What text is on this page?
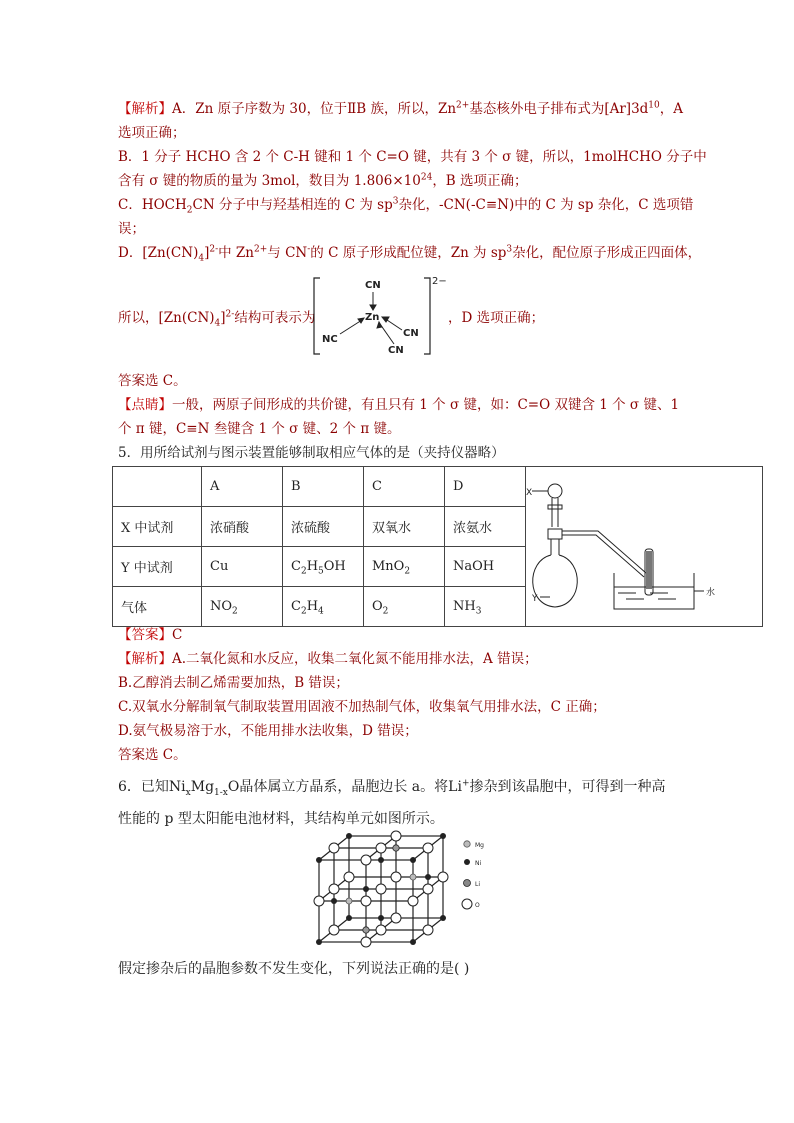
【解析】A．Zn 原子序数为 30，位于ⅡB 族，所以，$Zn^{2+}$基态核外电子排布式为$[Ar]3d^{10}$，A
选项正确；
B．1 分子 HCHO 含 2 个 C-H 键和 1 个 C=O 键，共有 3 个 σ 键，所以，1molHCHO 分子中
含有 σ 键的物质的量为 3mol，数目为 $1.806\times 10^{24}$，B 选项正确；
C．$HOCH_2CN$ 分子中与羟基相连的 C 为 $sp^3$杂化，-CN(-C≡N)中的 C 为 sp 杂化，C 选项错
误；
D．$[Zn(CN)_4]^{2-}$中 $Zn^{2+}$与 CN-的 C 原子形成配位键，Zn 为 $sp^3$杂化，配位原子形成正四面体，
所以，$[Zn(CN)_4]^{2-}$结构可表示为	，D 选项正确；
2−
CN
Zn
NC
CN
CN
答案选 C。
【点睛】一般，两原子间形成的共价键，有且只有 1 个 σ 键，如：C=O 双键含 1 个 σ 键、1
个 π 键，C≡N 叁键含 1 个 σ 键、2 个 π 键。
5．用所给试剂与图示装置能够制取相应气体的是（夹持仪器略）
	A	B	C	D	X
Y
水

X 中试剂	浓硝酸	浓硫酸	双氧水	浓氨水	
Y 中试剂	Cu	$C_2H_5OH$	MnO$_2$	NaOH	
气体	$NO_2$	$C_2H_4$	$O_2$	$NH_3$
【答案】C
【解析】A.二氧化氮和水反应，收集二氧化氮不能用排水法，A 错误；
B.乙醇消去制乙烯需要加热，B 错误；
C.双氧水分解制氧气制取装置用固液不加热制气体，收集氧气用排水法，C 正确；
D.氨气极易溶于水，不能用排水法收集，D 错误；
答案选 C。
6．已知$Ni_xMg_{1-x}O$晶体属立方晶系，晶胞边长 a。将Li+掺杂到该晶胞中，可得到一种高
性能的 p 型太阳能电池材料，其结构单元如图所示。
Mg
Ni
Li
O
假定掺杂后的晶胞参数不发生变化，下列说法正确的是( )
